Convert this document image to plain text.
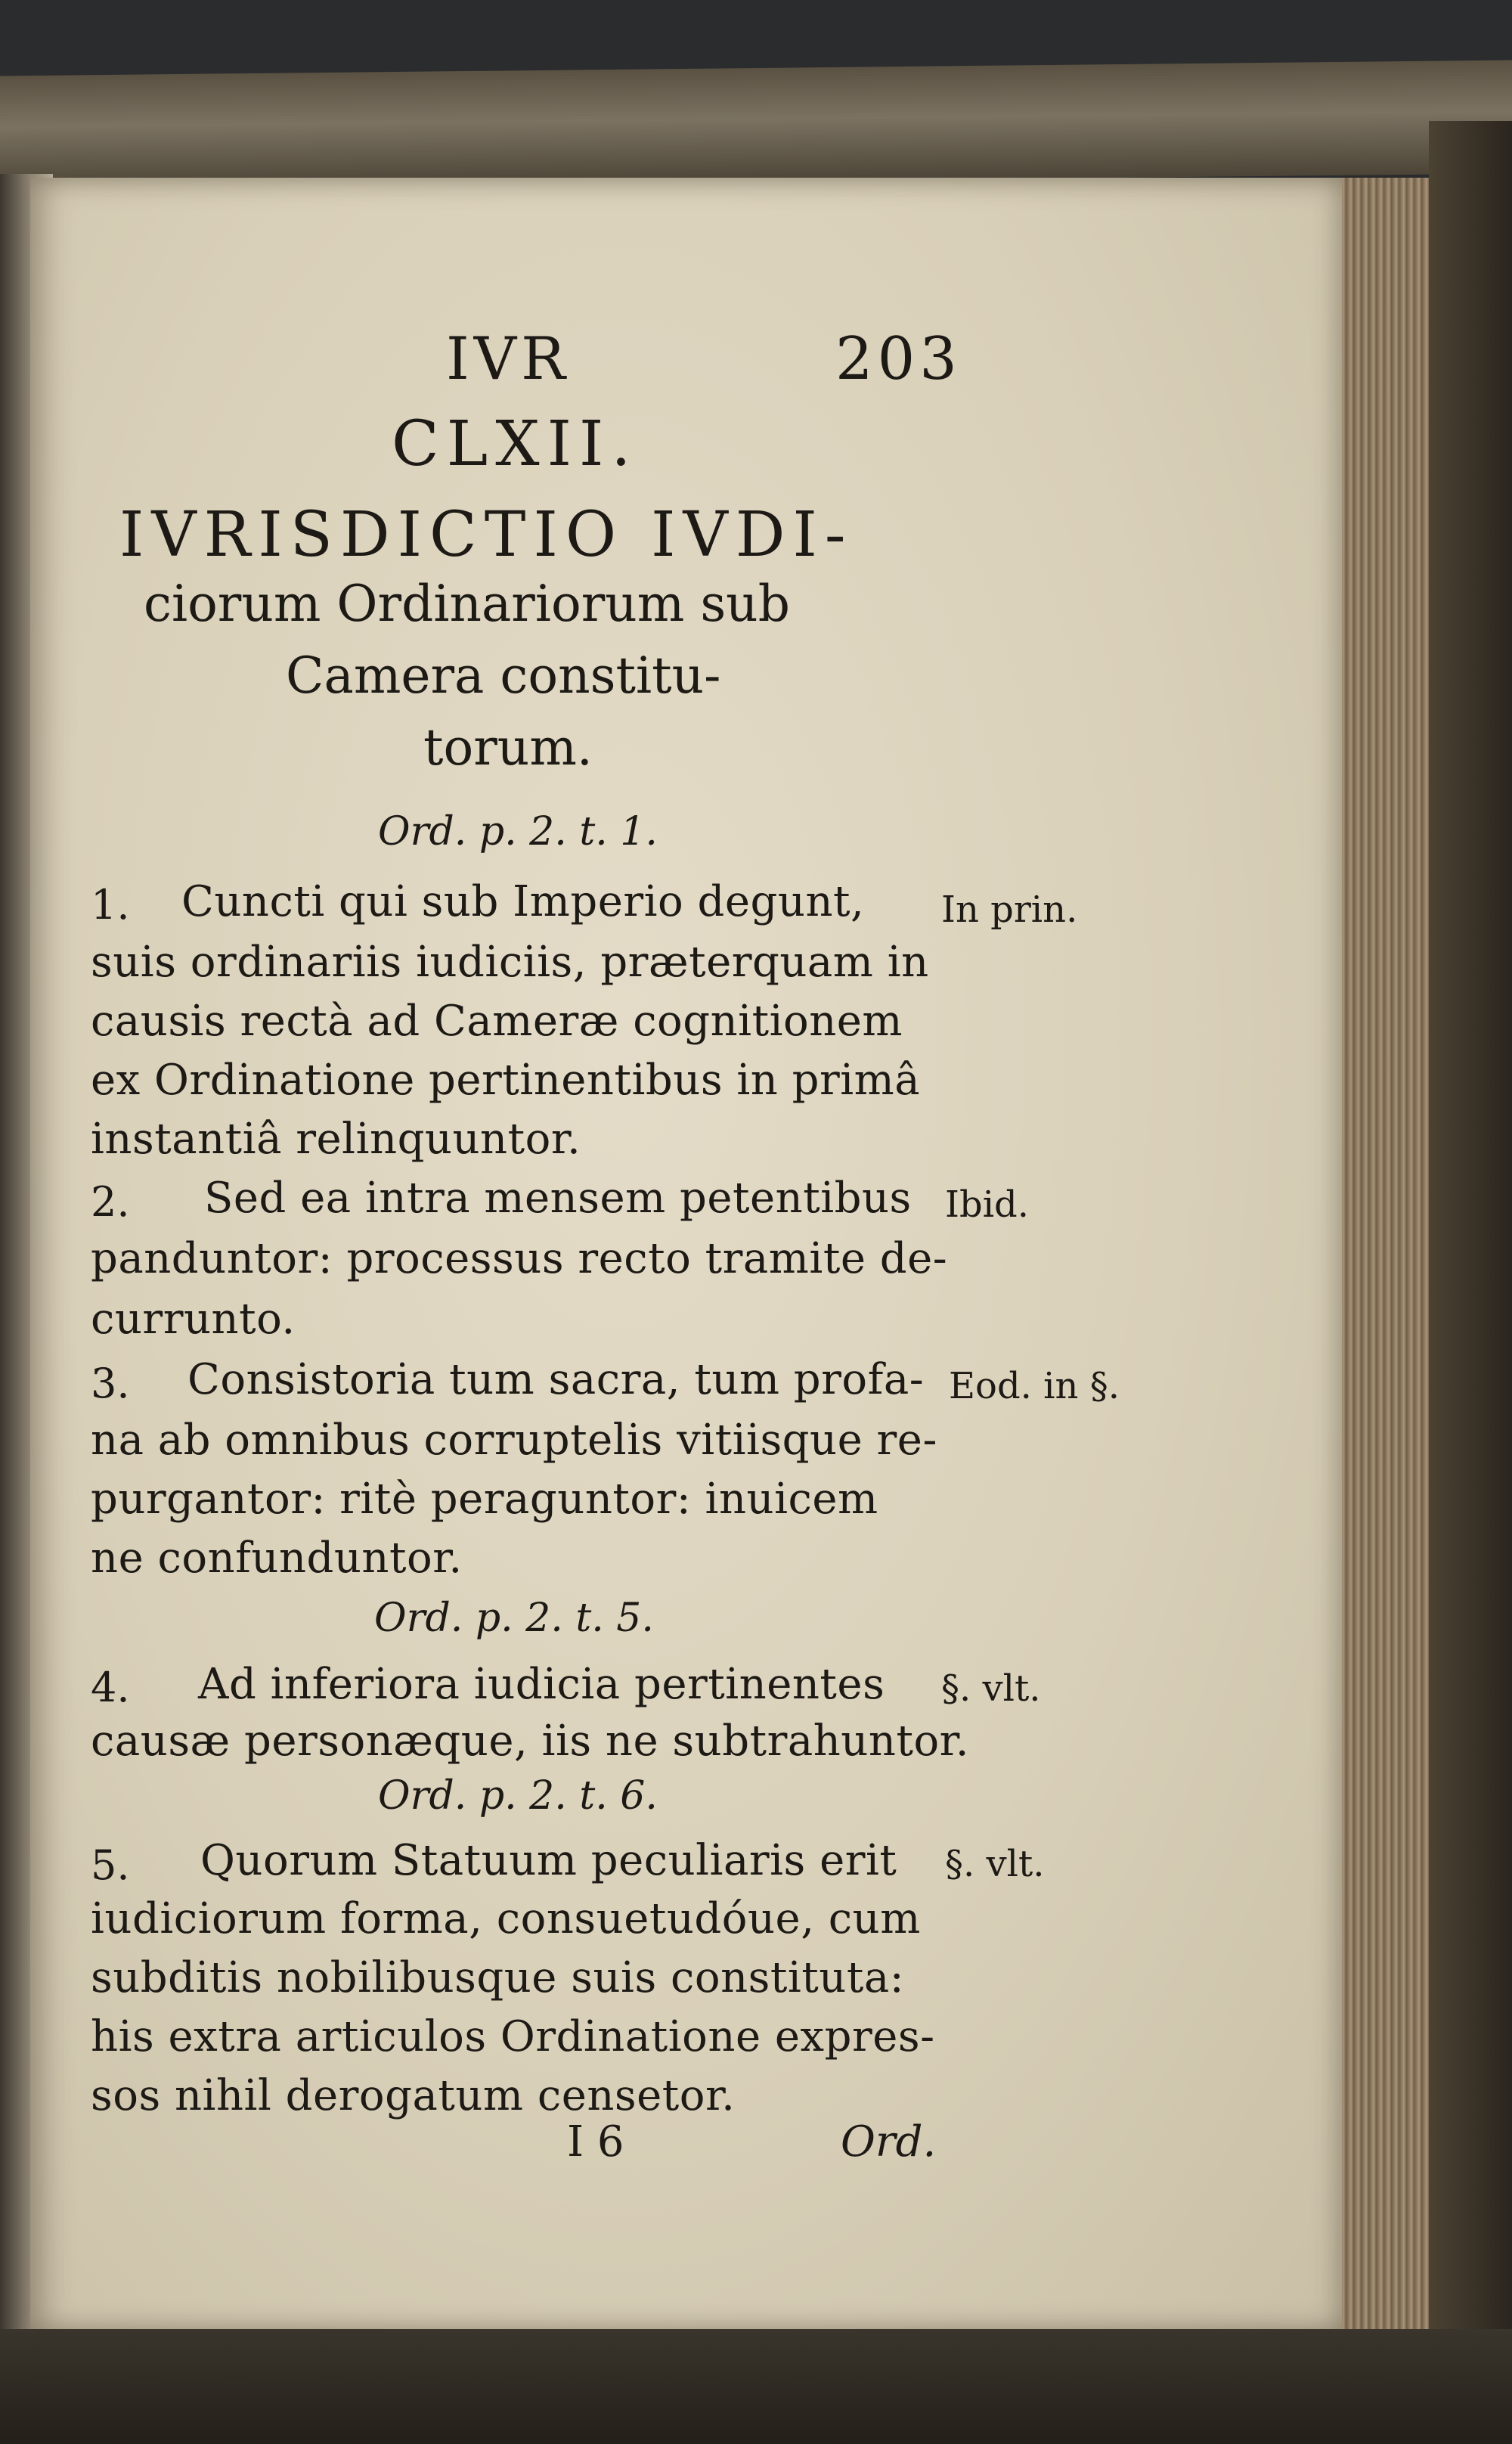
IVR	203
CLXII.
IVRISDICTIO IVDI-
ciorum Ordinariorum sub
Camera constitu-
torum.
Ord. p. 2. t. 1.
1. Cuncti qui sub Imperio degunt, In prin.
suis ordinariis iudiciis, præterquam in
causis rectà ad Cameræ cognitionem
ex Ordinatione pertinentibus in primâ
instantiâ relinquuntor.
2. Sed ea intra mensem petentibus Ibid.
panduntor: processus recto tramite de-
currunto.
3. Consistoria tum sacra, tum profa- Eod. in §.
na ab omnibus corruptelis vitiisque re-
purgantor: ritè peraguntor: inuicem
ne confunduntor.
Ord. p. 2. t. 5.
4. Ad inferiora iudicia pertinentes §. vlt.
causæ personæque, iis ne subtrahuntor.
Ord. p. 2. t. 6.
5. Quorum Statuum peculiaris erit §. vlt.
iudiciorum forma, consuetudóue, cum
subditis nobilibusque suis constituta:
his extra articulos Ordinatione expres-
sos nihil derogatum censetor.
I 6	Ord.
